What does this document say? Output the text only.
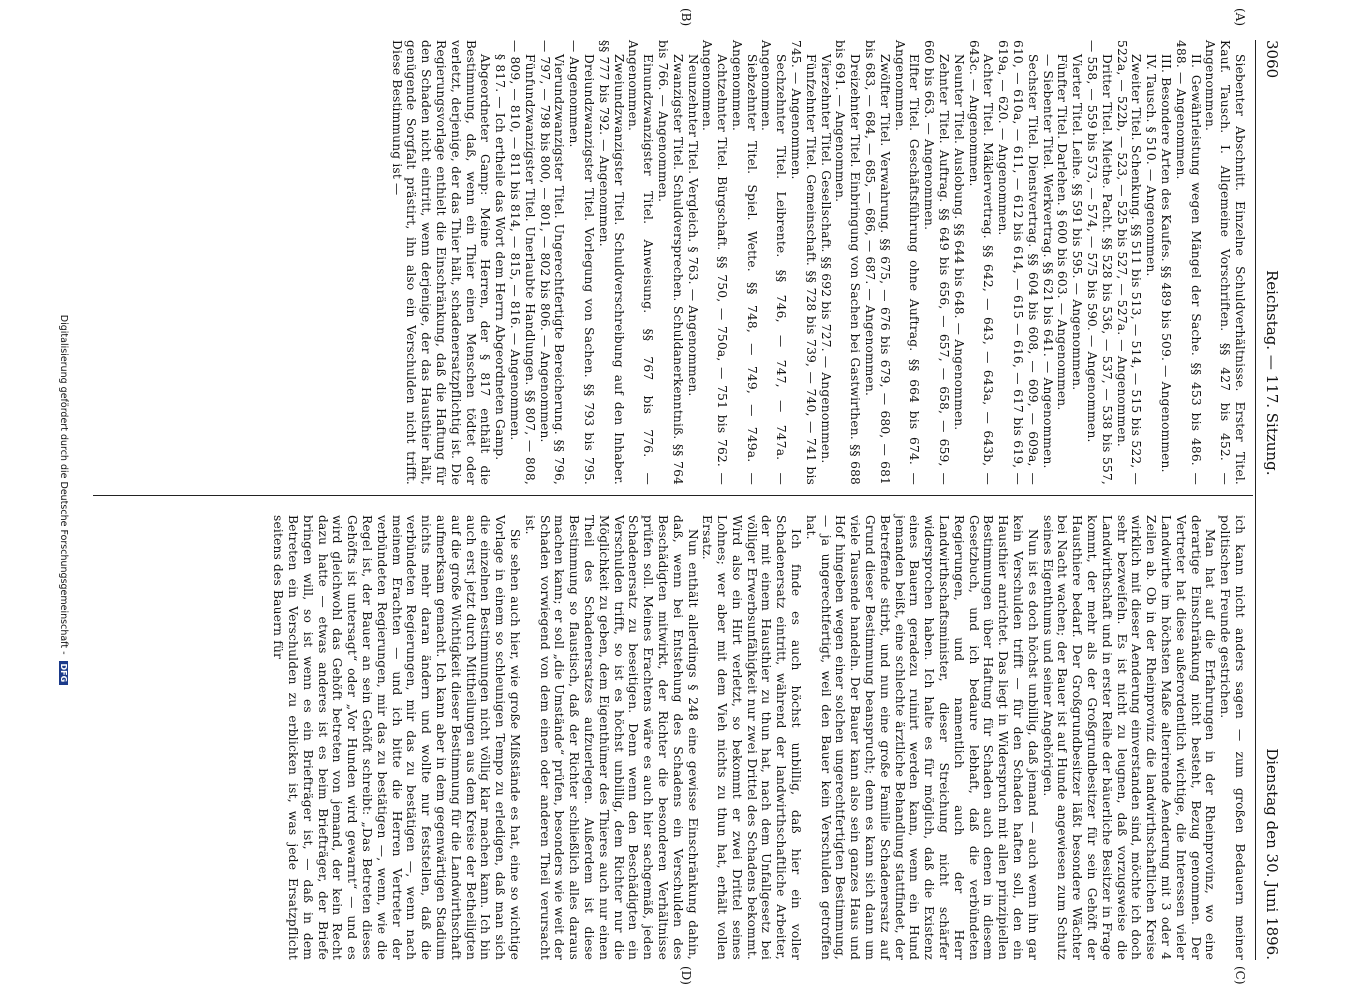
3060
Reichstag. — 117. Sitzung.
Dienstag den 30. Juni 1896.
(A)
(B)
(C)
(D)

Siebenter Abschnitt. Einzelne Schuldverhältnisse. Erster Titel. Kauf. Tausch. I. Allgemeine Vorschriften. §§ 427 bis 452. — Angenommen.

II. Gewährleistung wegen Mängel der Sache. §§ 453 bis 486. — 488. — Angenommen.

III. Besondere Arten des Kaufes. §§ 489 bis 509. — Angenommen.

IV. Tausch. § 510. — Angenommen.

Zweiter Titel. Schenkung. §§ 511 bis 513, — 514, — 515 bis 522, — 522a, — 522b, — 523, — 525 bis 527, — 527a. — Angenommen.

Dritter Titel. Miethe. Pacht. §§ 528 bis 536, — 537, — 538 bis 557, — 558, — 559 bis 573, — 574, — 575 bis 590. — Angenommen.

Vierter Titel. Leihe. §§ 591 bis 595. — Angenommen.

Fünfter Titel. Darlehen. § 600 bis 603. — Angenommen.

— Siebenter Titel. Werkvertrag. §§ 621 bis 641. — Angenommen.

Sechster Titel. Dienstvertrag. §§ 604 bis 608, — 609, — 609a, — 610, — 610a, — 611, — 612 bis 614, — 615 — 616, — 617 bis 619, — 619a, — 620. — Angenommen.

Achter Titel. Mäklervertrag. §§ 642, — 643, — 643a, — 643b, — 643c. — Angenommen.

Neunter Titel. Auslobung. §§ 644 bis 648. — Angenommen.

Zehnter Titel. Auftrag. §§ 649 bis 656, — 657, — 658, — 659, — 660 bis 663. — Angenommen.

Elfter Titel. Geschäftsführung ohne Auftrag. §§ 664 bis 674. — Angenommen.

Zwölfter Titel. Verwahrung. §§ 675, — 676 bis 679, — 680, — 681 bis 683, — 684, — 685, — 686, — 687. — Angenommen.

Dreizehnter Titel. Einbringung von Sachen bei Gastwirthen. §§ 688 bis 691. — Angenommen.

Vierzehnter Titel. Gesellschaft. §§ 692 bis 727. — Angenommen.

Fünfzehnter Titel. Gemeinschaft. §§ 728 bis 739, — 740, — 741 bis 745. — Angenommen.

Sechzehnter Titel. Leibrente. §§ 746, — 747, — 747a. — Angenommen.

Siebzehnter Titel. Spiel. Wette. §§ 748, — 749, — 749a. — Angenommen.

Achtzehnter Titel. Bürgschaft. §§ 750, — 750a, — 751 bis 762. — Angenommen.

Neunzehnter Titel. Vergleich. § 763. — Angenommen.

Zwanzigster Titel. Schuldversprechen. Schuldanerkenntniß. §§ 764 bis 766. — Angenommen.

Einundzwanzigster Titel. Anweisung. §§ 767 bis 776. — Angenommen.

Zweiundzwanzigster Titel. Schuldverschreibung auf den Inhaber. §§ 777 bis 792. — Angenommen.

Dreiundzwanzigster Titel. Vorlegung von Sachen. §§ 793 bis 795. — Angenommen.

Vierundzwanzigster Titel. Ungerechtfertigte Bereicherung. §§ 796, — 797, — 798 bis 800, — 801, — 802 bis 806. — Angenommen.

Fünfundzwanzigster Titel. Unerlaubte Handlungen. §§ 807, — 808, — 809, — 810, — 811 bis 814, — 815, — 816. — Angenommen.

§ 817. — Ich ertheile das Wort dem Herrn Abgeordneten Gamp.

Abgeordneter Gamp: Meine Herren, der § 817 enthält die Bestimmung, daß, wenn ein Thier einen Menschen tödtet oder verletzt, derjenige, der das Thier hält, schadenersatzpflichtig ist. Die Regierungsvorlage enthielt die Einschränkung, daß die Haftung für den Schaden nicht eintritt, wenn derjenige, der das Hausthier hält, genügende Sorgfalt prästirt, ihn also ein Verschulden nicht trifft. Diese Bestimmung ist —

ich kann nicht anders sagen — zum großen Bedauern meiner politischen Freunde gestrichen.

Man hat auf die Erfahrungen in der Rheinprovinz, wo eine derartige Einschränkung nicht besteht, Bezug genommen. Der Vertreter hat diese außerordentlich wichtige, die Interessen vieler Landwirthe im höchsten Maße alterirende Aenderung mit 3 oder 4 Zeilen ab. Ob in der Rheinprovinz die landwirthschaftlichen Kreise wirklich mit dieser Aenderung einverstanden sind, möchte ich doch sehr bezweifeln. Es ist nicht zu leugnen, daß vorzugsweise die Landwirthschaft und in erster Reihe der bäuerliche Besitzer in Frage kommt, der mehr als der Großgrundbesitzer für sein Gehöft der Hausthiere bedarf. Der Großgrundbesitzer läßt besondere Wächter bei Nacht wachen; der Bauer ist auf Hunde angewiesen zum Schutz seines Eigenthums und seiner Angehörigen.

Nun ist es doch höchst unbillig, daß jemand — auch wenn ihn gar kein Verschulden trifft — für den Schaden haften soll, den ein Hausthier anrichtet. Das liegt in Widerspruch mit allen prinzipiellen Bestimmungen über Haftung für Schaden auch denen in diesem Gesetzbuch, und ich bedaure lebhaft, daß die verbündeten Regierungen, und namentlich auch der Herr Landwirthschaftsminister, dieser Streichung nicht schärfer widersprochen haben. Ich halte es für möglich, daß die Existenz eines Bauern geradezu ruinirt werden kann, wenn ein Hund jemanden beißt, eine schlechte ärztliche Behandlung stattfindet, der Betreffende stirbt, und nun eine große Familie Schadenersatz auf Grund dieser Bestimmung beansprucht; denn es kann sich dann um viele Tausende handeln. Der Bauer kann also sein ganzes Haus und Hof hingeben wegen einer solchen ungerechtfertigten Bestimmung, — ja ungerechtfertigt, weil den Bauer kein Verschulden getroffen hat.

Ich finde es auch höchst unbillig, daß hier ein voller Schadenersatz eintritt, während der landwirthschaftliche Arbeiter, der mit einem Hausthier zu thun hat, nach dem Unfallgesetz bei völliger Erwerbsunfähigkeit nur zwei Drittel des Schadens bekommt. Wird also ein Hirt verletzt, so bekommt er zwei Drittel seines Lohnes; wer aber mit dem Vieh nichts zu thun hat, erhält vollen Ersatz.

Nun enthält allerdings § 248 eine gewisse Einschränkung dahin, daß, wenn bei Entstehung des Schadens ein Verschulden des Beschädigten mitwirkt, der Richter die besonderen Verhältnisse prüfen soll. Meines Erachtens wäre es auch hier sachgemäß, jeden Schadenersatz zu beseitigen. Denn wenn den Beschädigten ein Verschulden trifft, so ist es höchst unbillig, dem Richter nur die Möglichkeit zu geben, dem Eigenthümer des Thieres auch nur einen Theil des Schadenersatzes aufzuerlegen. Außerdem ist diese Bestimmung so flaustisch, daß der Richter schließlich alles daraus machen kann; er soll „die Umstände“ prüfen, besonders wie weit der Schaden vorwiegend von dem einen oder anderen Theil verursacht ist.

Sie sehen auch hier, wie große Mißstände es hat, eine so wichtige Vorlage in einem so schleunigen Tempo zu erledigen, daß man sich die einzelnen Bestimmungen nicht völlig klar machen kann. Ich bin auch erst jetzt durch Mittheilungen aus dem Kreise der Betheiligten auf die große Wichtigkeit dieser Bestimmung für die Landwirthschaft aufmerksam gemacht. Ich kann aber in dem gegenwärtigen Stadium nichts mehr daran ändern und wollte nur feststellen, daß die verbündeten Regierungen, mir das zu bestätigen —, wenn nach meinem Erachten — und ich bitte die Herren Vertreter der verbündeten Regierungen, mir das zu bestätigen —, wenn, wie die Regel ist, der Bauer an sein Gehöft schreibt: „Das Betreten dieses Gehöfts ist untersagt“ oder „Vor Hunden wird gewarnt“ — und es wird gleichwohl das Gehöft betreten von jemand, der kein Recht dazu hatte — etwas anderes ist es beim Briefträger, der Briefe bringen will, so ist wenn es ein Briefträger ist, — daß in dem Betreten ein Verschulden zu erblicken ist, was jede Ersatzpflicht seitens des Bauern für

Digitalisierung gefördert durch die Deutsche Forschungsgemeinschaft -DFG
